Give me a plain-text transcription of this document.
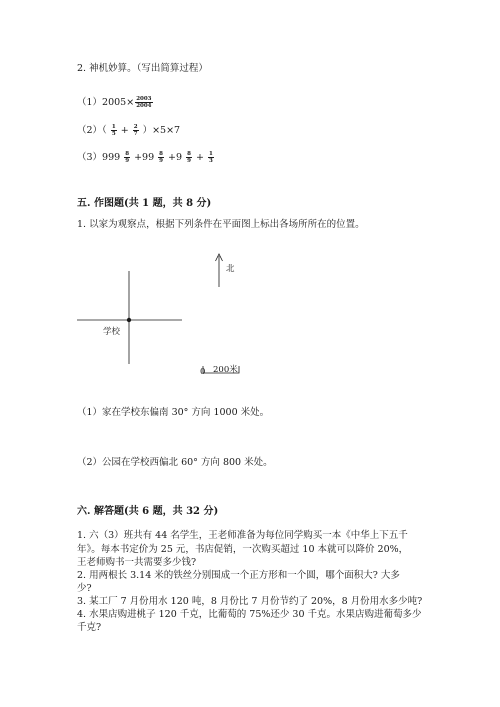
2. 神机妙算。（写出简算过程）
$(1)2005\times \frac{2003}{2004}$
$(2)( \frac{1}{5} + \frac{2}{7} )\times 5\times 7$
$(3)999 \frac{8}{9} +99 \frac{8}{9} +9 \frac{8}{9} + \frac{1}{3}$
五. 作图题(共 1 题，共 8 分)
1. 以家为观察点，根据下列条件在平面图上标出各场所所在的位置。
北
学校
0 200米
（1）家在学校东偏南 30° 方向 1000 米处。
（2）公园在学校西偏北 60° 方向 800 米处。
六. 解答题(共 6 题，共 32 分)
1. 六（3）班共有 44 名学生，王老师准备为每位同学购买一本《中华上下五千
年》。每本书定价为 25 元，书店促销，一次购买超过 10 本就可以降价 20%，
王老师购书一共需要多少钱?
2. 用两根长 3.14 米的铁丝分别围成一个正方形和一个圆，哪个面积大? 大多
少?
3. 某工厂 7 月份用水 120 吨，8 月份比 7 月份节约了 20%，8 月份用水多少吨?
4. 水果店购进桃子 120 千克，比葡萄的 75%还少 30 千克。水果店购进葡萄多少
千克?
